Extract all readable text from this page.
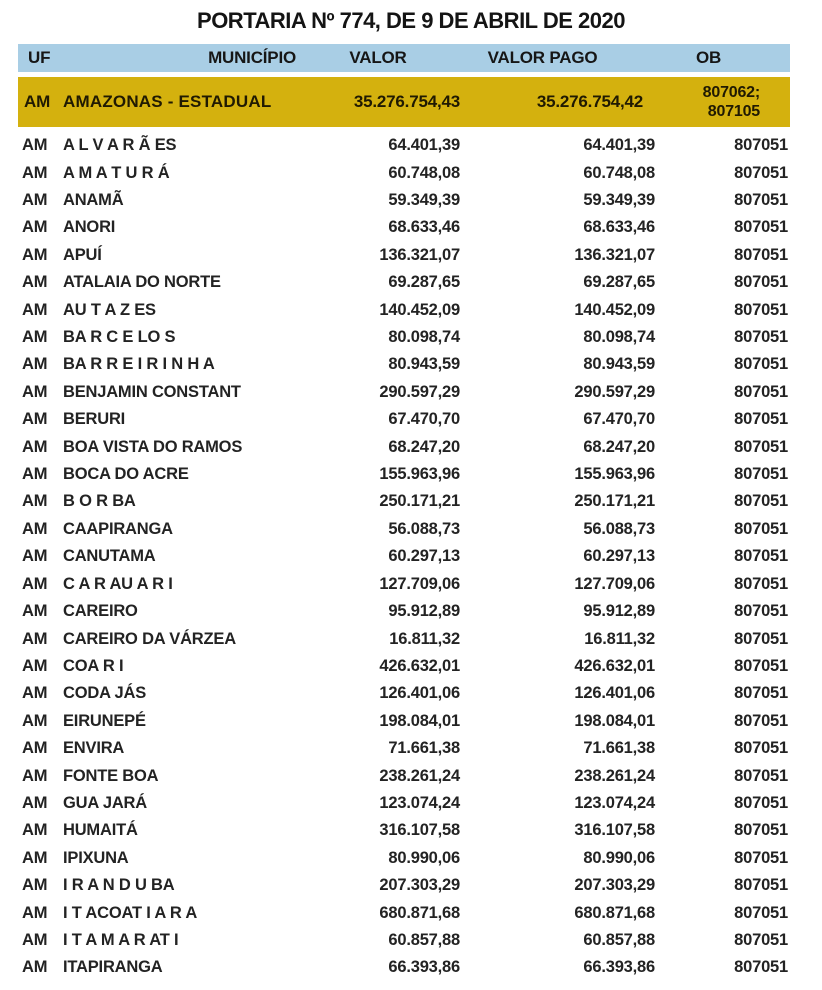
PORTARIA Nº 774, DE 9 DE ABRIL DE 2020
UF	MUNICÍPIO	VALOR	VALOR PAGO	OB
AM AMAZONAS - ESTADUAL	35.276.754,43	35.276.754,42	807062;
807105
AM A L V A R Ã ES	64.401,39	64.401,39	807051
AM A M A T U R Á	60.748,08	60.748,08	807051
AM ANAMÃ	59.349,39	59.349,39	807051
AM ANORI	68.633,46	68.633,46	807051
AM APUÍ	136.321,07	136.321,07	807051
AM ATALAIA DO NORTE	69.287,65	69.287,65	807051
AM AU T A Z ES	140.452,09	140.452,09	807051
AM BA R C E LO S	80.098,74	80.098,74	807051
AM BA R R E I R I N H A	80.943,59	80.943,59	807051
AM BENJAMIN CONSTANT	290.597,29	290.597,29	807051
AM BERURI	67.470,70	67.470,70	807051
AM BOA VISTA DO RAMOS	68.247,20	68.247,20	807051
AM BOCA DO ACRE	155.963,96	155.963,96	807051
AM B O R BA	250.171,21	250.171,21	807051
AM CAAPIRANGA	56.088,73	56.088,73	807051
AM CANUTAMA	60.297,13	60.297,13	807051
AM C A R AU A R I	127.709,06	127.709,06	807051
AM CAREIRO	95.912,89	95.912,89	807051
AM CAREIRO DA VÁRZEA	16.811,32	16.811,32	807051
AM COA R I	426.632,01	426.632,01	807051
AM CODA JÁS	126.401,06	126.401,06	807051
AM EIRUNEPÉ	198.084,01	198.084,01	807051
AM ENVIRA	71.661,38	71.661,38	807051
AM FONTE BOA	238.261,24	238.261,24	807051
AM GUA JARÁ	123.074,24	123.074,24	807051
AM HUMAITÁ	316.107,58	316.107,58	807051
AM IPIXUNA	80.990,06	80.990,06	807051
AM I R A N D U BA	207.303,29	207.303,29	807051
AM I T ACOAT I A R A	680.871,68	680.871,68	807051
AM I T A M A R AT I	60.857,88	60.857,88	807051
AM ITAPIRANGA	66.393,86	66.393,86	807051
